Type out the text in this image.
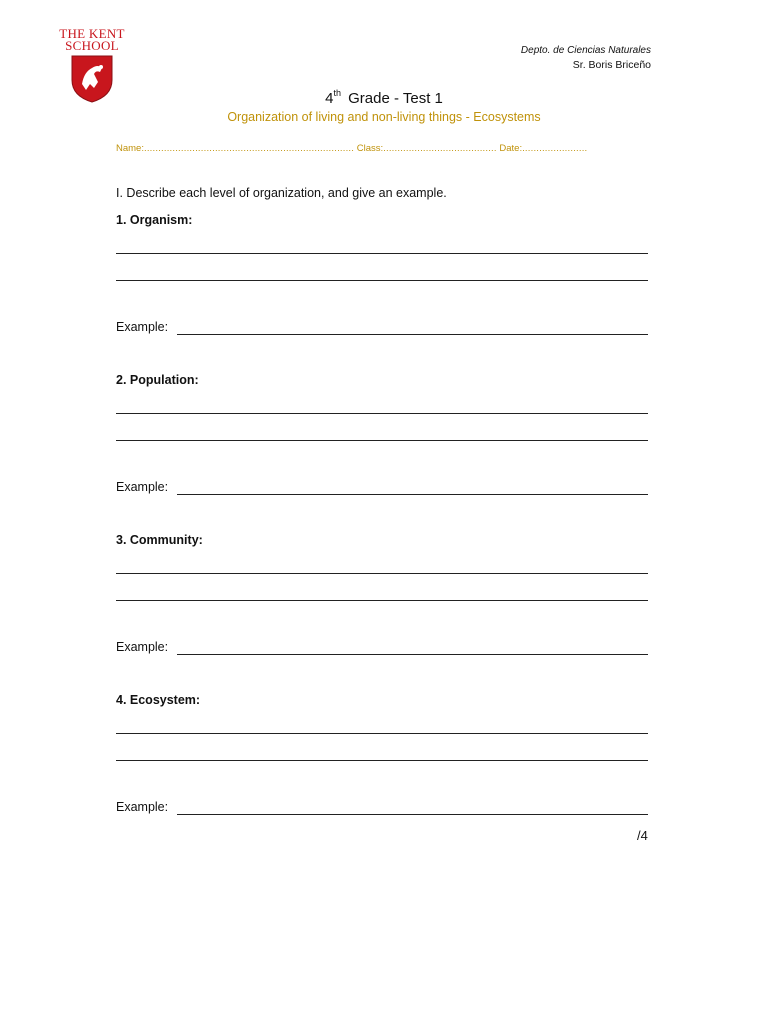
THE KENT
SCHOOL	Depto. de Ciencias Naturales
Sr. Boris Briceño
4th Grade - Test 1
Organization of living and non-living things - Ecosystems
Name:.......................................................................... Class:........................................ Date:.......................
I. Describe each level of organization, and give an example.
1. Organism:
Example:
2. Population:
Example:
3. Community:
Example:
4. Ecosystem:
Example:
/4
